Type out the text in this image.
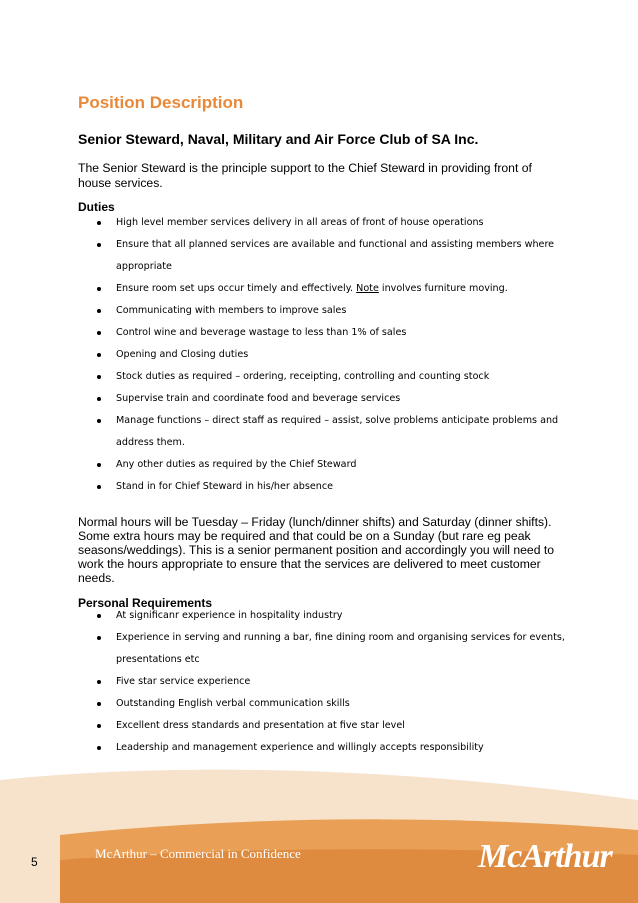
Position Description
Senior Steward, Naval, Military and Air Force Club of SA Inc.
The Senior Steward is the principle support to the Chief Steward in providing front of house services.
Duties
High level member services delivery in all areas of front of house operations
Ensure that all planned services are available and functional and assisting members where
appropriate
Ensure room set ups occur timely and effectively. Note involves furniture moving.
Communicating with members to improve sales
Control wine and beverage wastage to less than 1% of sales
Opening and Closing duties
Stock duties as required – ordering, receipting, controlling and counting stock
Supervise train and coordinate food and beverage services
Manage functions – direct staff as required – assist, solve problems anticipate problems and
address them.
Any other duties as required by the Chief Steward
Stand in for Chief Steward in his/her absence
Normal hours will be Tuesday – Friday (lunch/dinner shifts) and Saturday (dinner shifts). Some extra hours may be required and that could be on a Sunday (but rare eg peak seasons/weddings). This is a senior permanent position and accordingly you will need to work the hours appropriate to ensure that the services are delivered to meet customer needs.
Personal Requirements
At significanr experience in hospitality industry
Experience in serving and running a bar, fine dining room and organising services for events,
presentations etc
Five star service experience
Outstanding English verbal communication skills
Excellent dress standards and presentation at five star level
Leadership and management experience and willingly accepts responsibility
5
McArthur – Commercial in Confidence	McArthur
